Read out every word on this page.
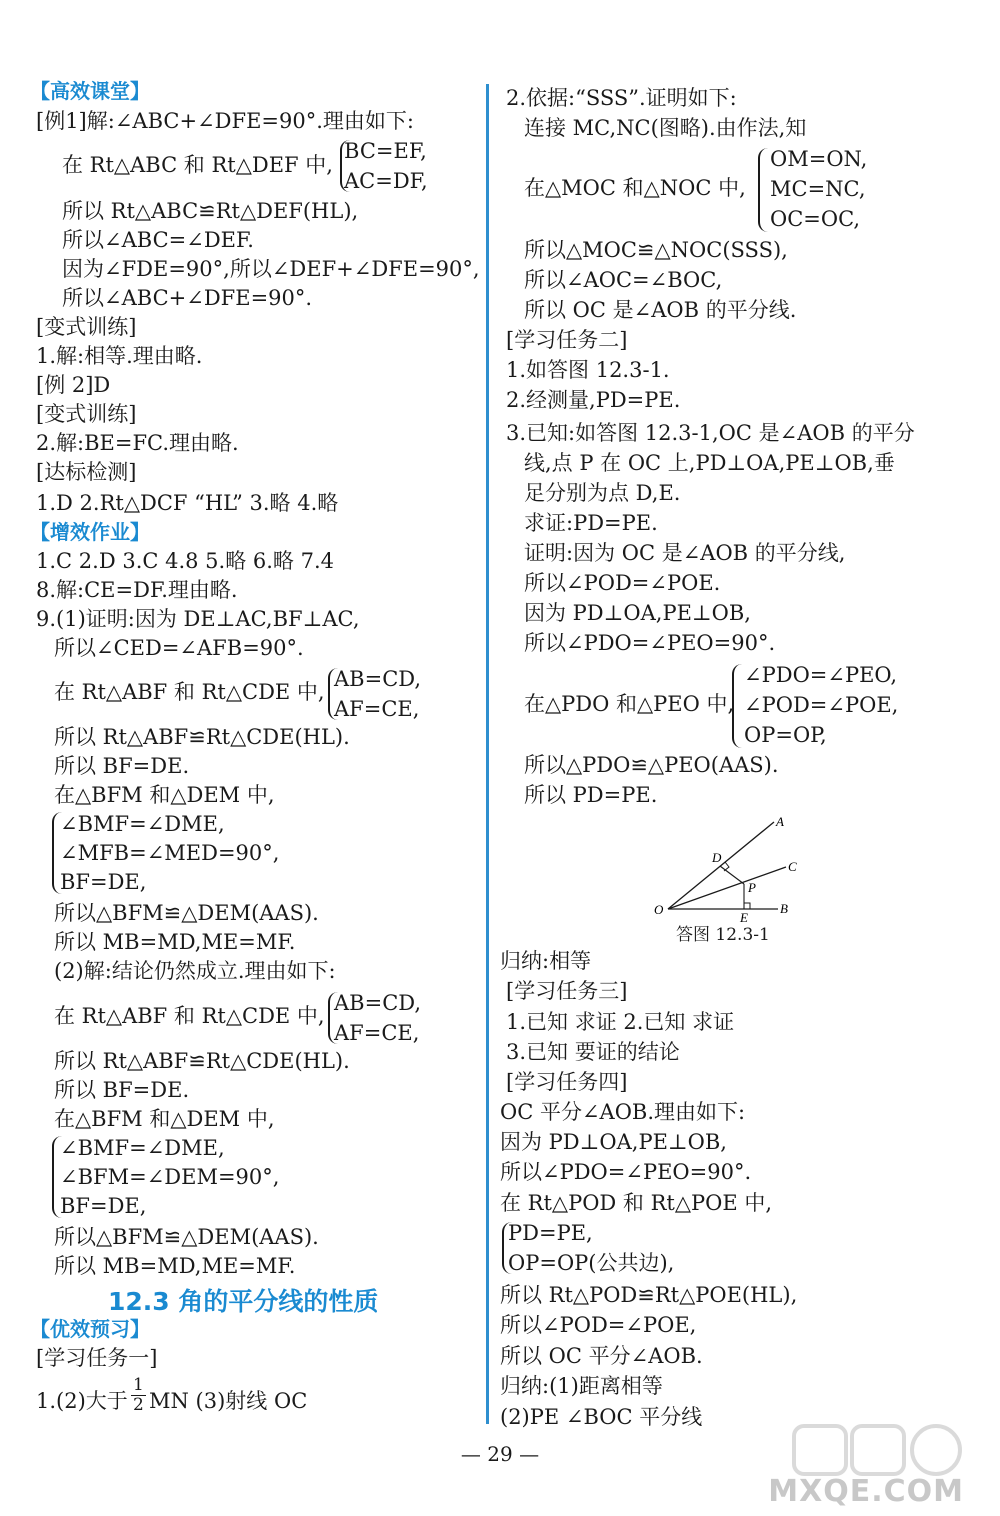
【高效课堂】
[例1]解:∠ABC+∠DFE=90°.理由如下:
在 Rt△ABC 和 Rt△DEF 中,
BC=EF,
AC=DF,
所以 Rt△ABC≌Rt△DEF(HL),
所以∠ABC=∠DEF.
因为∠FDE=90°,所以∠DEF+∠DFE=90°,
所以∠ABC+∠DFE=90°.
[变式训练]
1.解:相等.理由略.
[例 2]D
[变式训练]
2.解:BE=FC.理由略.
[达标检测]
1.D 2.Rt△DCF “HL” 3.略 4.略
【增效作业】
1.C 2.D 3.C 4.8 5.略 6.略 7.4
8.解:CE=DF.理由略.
9.(1)证明:因为 DE⊥AC,BF⊥AC,
所以∠CED=∠AFB=90°.
在 Rt△ABF 和 Rt△CDE 中,
AB=CD,
AF=CE,
所以 Rt△ABF≌Rt△CDE(HL).
所以 BF=DE.
在△BFM 和△DEM 中,
∠BMF=∠DME,
∠MFB=∠MED=90°,
BF=DE,
所以△BFM≌△DEM(AAS).
所以 MB=MD,ME=MF.
(2)解:结论仍然成立.理由如下:
在 Rt△ABF 和 Rt△CDE 中,
AB=CD,
AF=CE,
所以 Rt△ABF≌Rt△CDE(HL).
所以 BF=DE.
在△BFM 和△DEM 中,
∠BMF=∠DME,
∠BFM=∠DEM=90°,
BF=DE,
所以△BFM≌△DEM(AAS).
所以 MB=MD,ME=MF.
12.3 角的平分线的性质
【优效预习】
[学习任务一]
1.(2)大于 $\frac{1}{2}$ MN (3)射线 OC
2.依据:“SSS”.证明如下:
连接 MC,NC(图略).由作法,知
在△MOC 和△NOC 中,
OM=ON,
MC=NC,
OC=OC,
所以△MOC≌△NOC(SSS),
所以∠AOC=∠BOC,
所以 OC 是∠AOB 的平分线.
[学习任务二]
1.如答图 12.3-1.
2.经测量,PD=PE.
3.已知:如答图 12.3-1,OC 是∠AOB 的平分
线,点 P 在 OC 上,PD⊥OA,PE⊥OB,垂
足分别为点 D,E.
求证:PD=PE.
证明:因为 OC 是∠AOB 的平分线,
所以∠POD=∠POE.
因为 PD⊥OA,PE⊥OB,
所以∠PDO=∠PEO=90°.
在△PDO 和△PEO 中,
∠PDO=∠PEO,
∠POD=∠POE,
OP=OP,
所以△PDO≌△PEO(AAS).
所以 PD=PE.
A
C
B
O
D
P
E
答图 12.3-1
归纳:相等
[学习任务三]
1.已知 求证 2.已知 求证
3.已知 要证的结论
[学习任务四]
OC 平分∠AOB.理由如下:
因为 PD⊥OA,PE⊥OB,
所以∠PDO=∠PEO=90°.
在 Rt△POD 和 Rt△POE 中,
PD=PE,
OP=OP(公共边),
所以 Rt△POD≌Rt△POE(HL),
所以∠POD=∠POE,
所以 OC 平分∠AOB.
归纳:(1)距离相等
(2)PE ∠BOC 平分线
— 29 —
MXQE.COM
